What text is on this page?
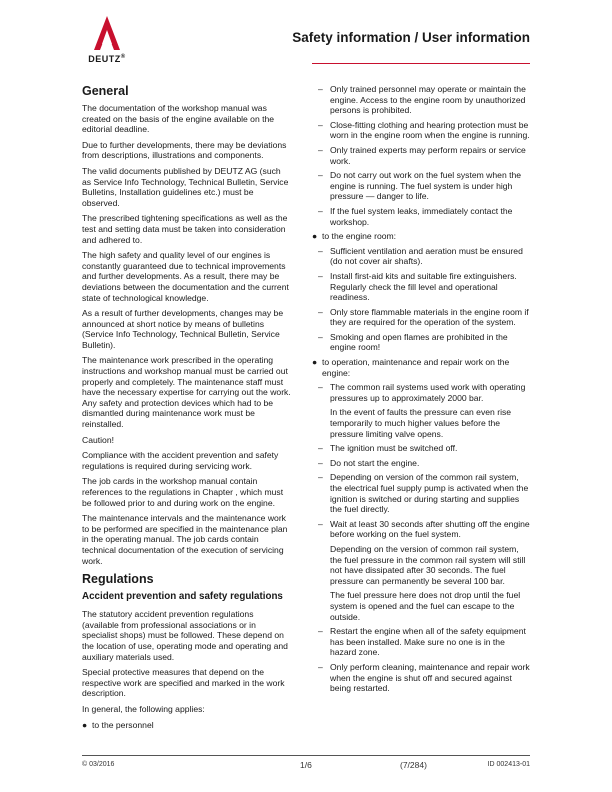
DEUTZ®
Safety information / User information
General

The documentation of the workshop manual was created on the basis of the engine available on the editorial deadline.

Due to further developments, there may be deviations from descriptions, illustrations and components.

The valid documents published by DEUTZ AG (such as Service Info Technology, Technical Bulletin, Service Bulletins, Installation guidelines etc.) must be observed.

The prescribed tightening specifications as well as the test and setting data must be taken into consideration and adhered to.

The high safety and quality level of our engines is constantly guaranteed due to technical improvements and further developments. As a result, there may be deviations between the documentation and the current state of technological knowledge.

As a result of further developments, changes may be announced at short notice by means of bulletins (Service Info Technology, Technical Bulletin, Service Bulletin).

The maintenance work prescribed in the operating instructions and workshop manual must be carried out properly and completely. The maintenance staff must have the necessary expertise for carrying out the work. Any safety and protection devices which had to be dismantled during maintenance work must be reinstalled.

Caution!

Compliance with the accident prevention and safety regulations is required during servicing work.

The job cards in the workshop manual contain references to the regulations in Chapter , which must be followed prior to and during work on the engine.

The maintenance intervals and the maintenance work to be performed are specified in the maintenance plan in the operating manual. The job cards contain technical documentation of the execution of servicing work.

Regulations
Accident prevention and safety regulations

The statutory accident prevention regulations (available from professional associations or in specialist shops) must be followed. These depend on the location of use, operating mode and operating and auxiliary materials used.

Special protective measures that depend on the respective work are specified and marked in the work description.

In general, the following applies:

● to the personnel
– Only trained personnel may operate or maintain the engine. Access to the engine room by unauthorized persons is prohibited.
– Close-fitting clothing and hearing protection must be worn in the engine room when the engine is running.
– Only trained experts may perform repairs or service work.
– Do not carry out work on the fuel system when the engine is running. The fuel system is under high pressure — danger to life.
– If the fuel system leaks, immediately contact the workshop.
● to the engine room:
– Sufficient ventilation and aeration must be ensured (do not cover air shafts).
– Install first-aid kits and suitable fire extinguishers. Regularly check the fill level and operational readiness.
– Only store flammable materials in the engine room if they are required for the operation of the system.
– Smoking and open flames are prohibited in the engine room!
● to operation, maintenance and repair work on the engine:
– The common rail systems used work with operating pressures up to approximately 2000 bar.

In the event of faults the pressure can even rise temporarily to much higher values before the pressure limiting valve opens.

– The ignition must be switched off.
– Do not start the engine.
– Depending on version of the common rail system, the electrical fuel supply pump is activated when the ignition is switched or during starting and supplies the fuel directly.
– Wait at least 30 seconds after shutting off the engine before working on the fuel system.

Depending on the version of common rail system, the fuel pressure in the common rail system will still not have dissipated after 30 seconds. The fuel pressure can permanently be several 100 bar.

The fuel pressure here does not drop until the fuel system is opened and the fuel can escape to the outside.

– Restart the engine when all of the safety equipment has been installed. Make sure no one is in the hazard zone.
– Only perform cleaning, maintenance and repair work when the engine is shut off and secured against being restarted.
© 03/2016	1/6	(7/284)	ID 002413-01
